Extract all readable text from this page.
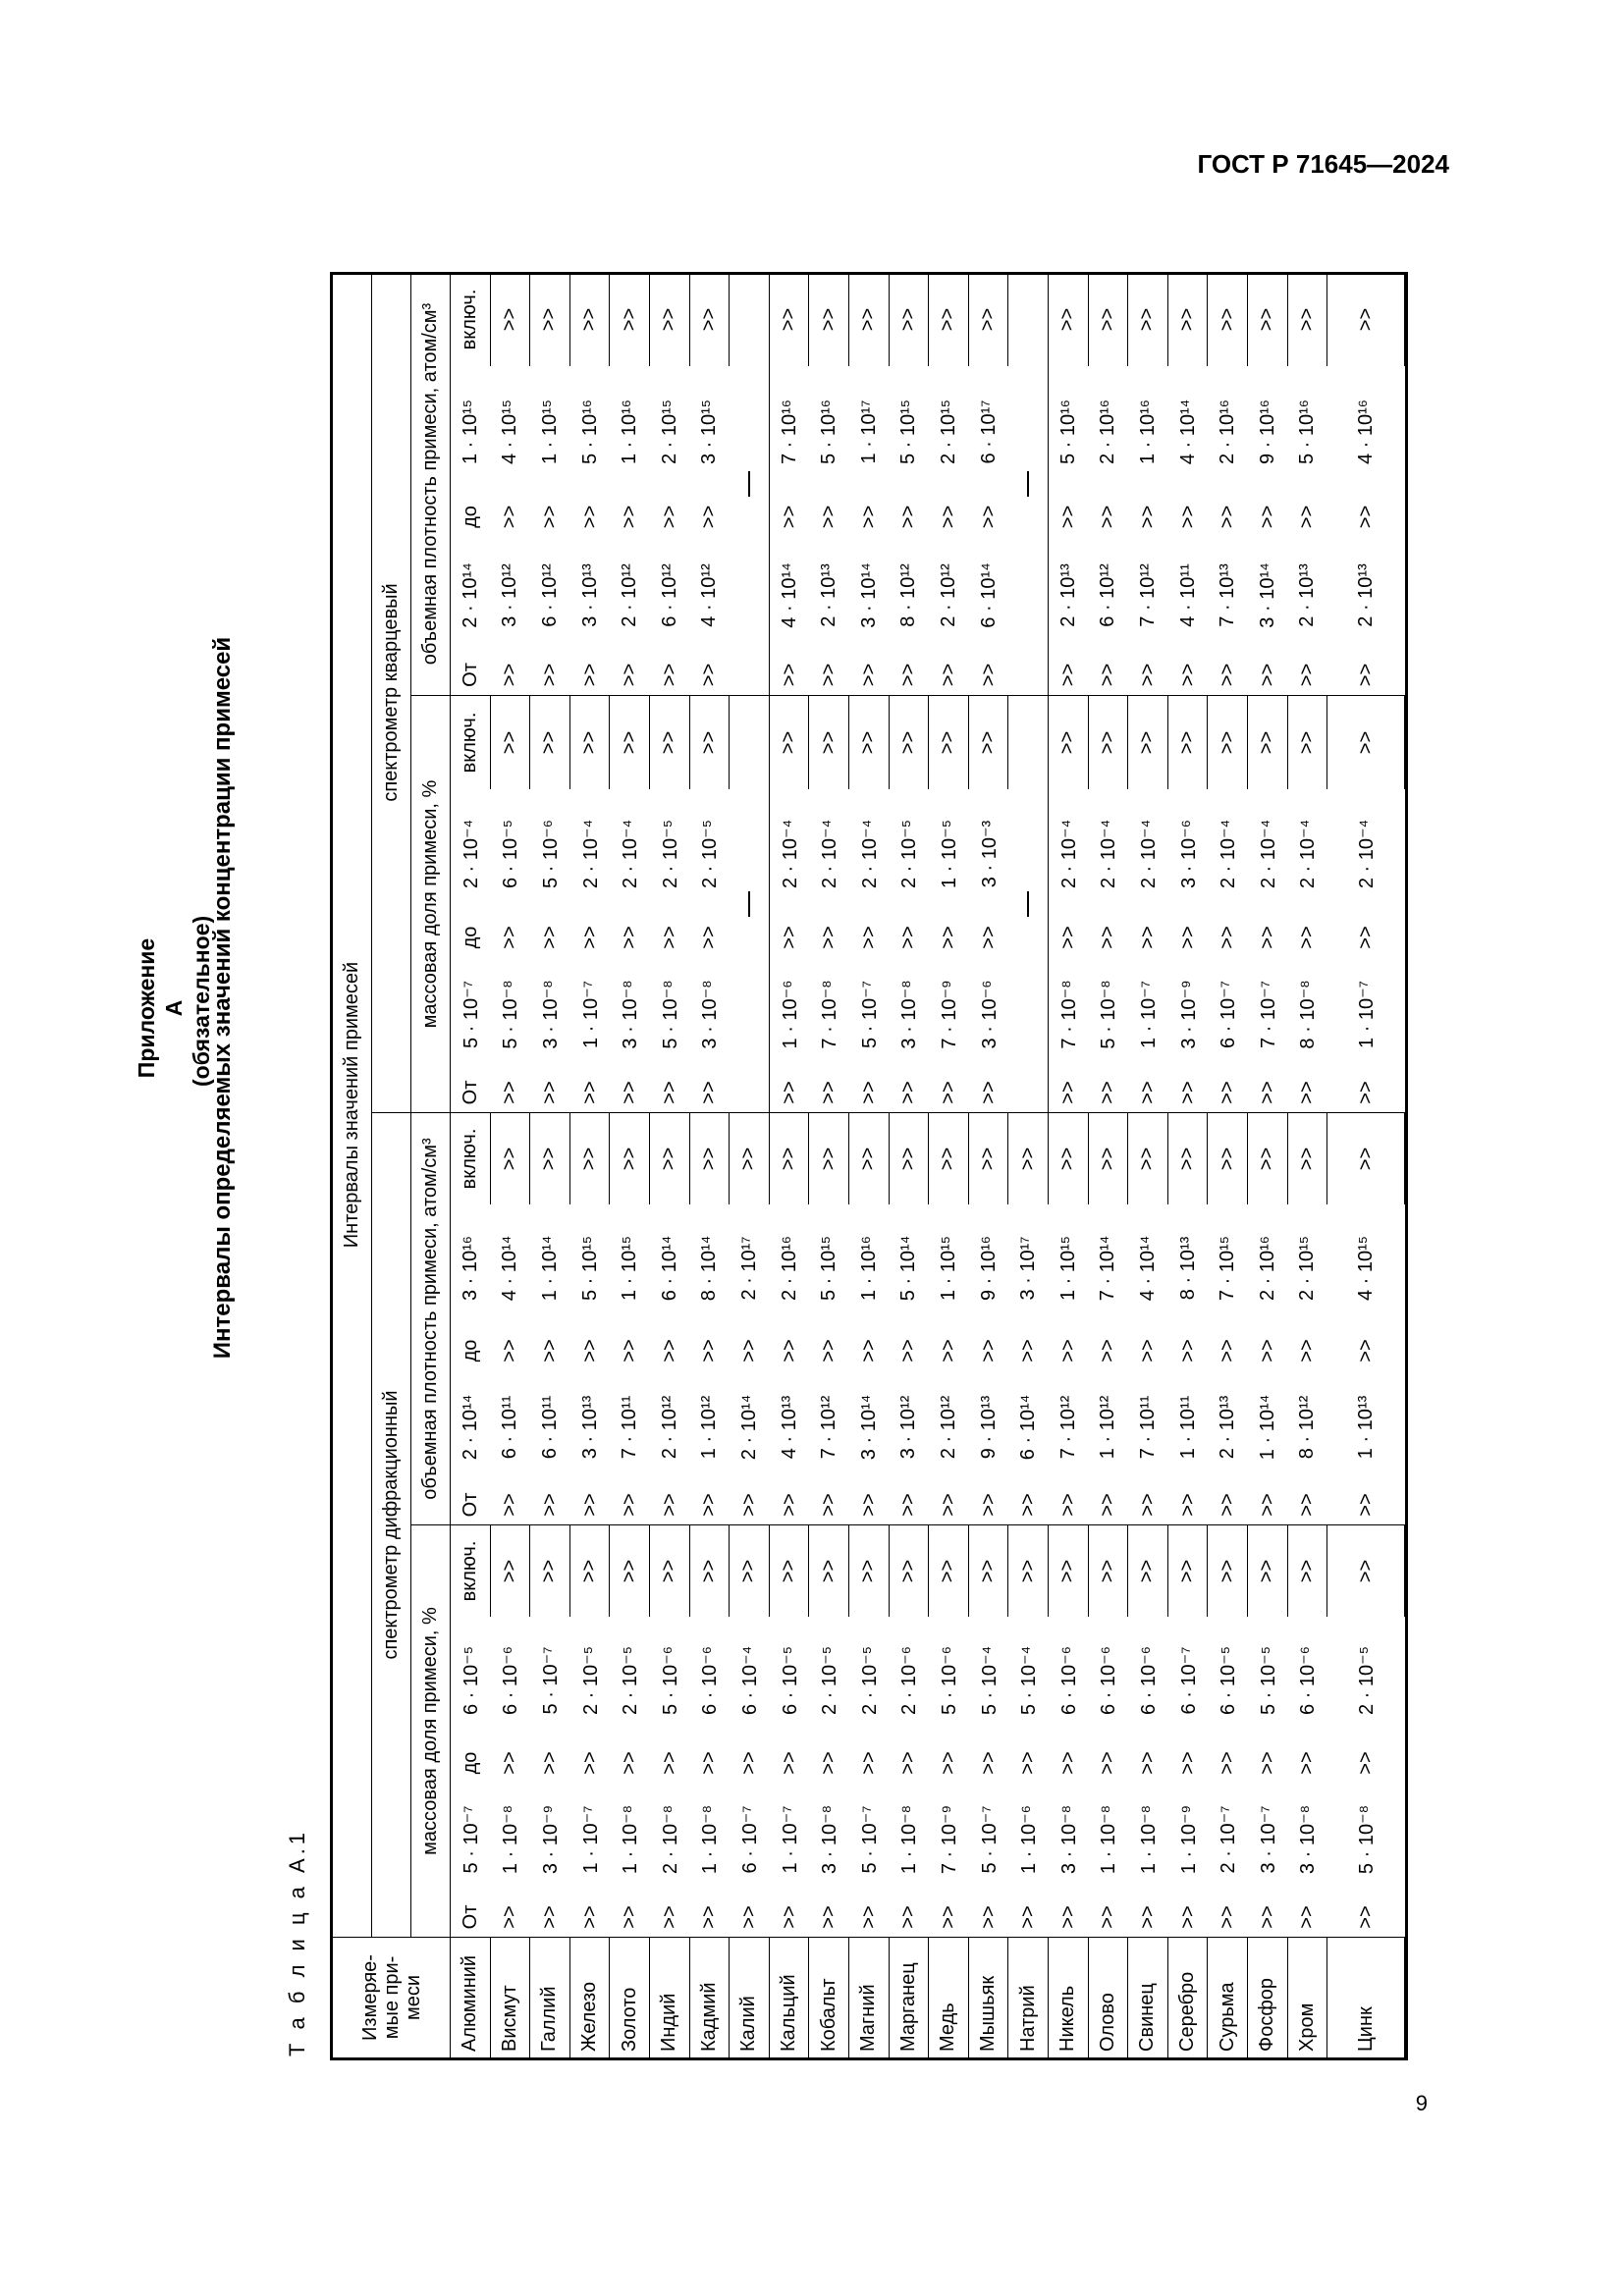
ГОСТ Р 71645—2024
9
Приложение А (обязательное)
Интервалы определяемых значений концентрации примесей
Т а б л и ц а А.1	Измеряе-мые при-меси
Интервалы значений примесей
спектрометр дифракционный
спектрометр кварцевый
массовая доля примеси, %
объемная плотность примеси, атом/см³
массовая доля примеси, %
объемная плотность примеси, атом/см³
Алюминий
От
5 · 10⁻⁷
до
6 · 10⁻⁵
включ.
От
2 · 10¹⁴
до
3 · 10¹⁶
включ.
От
5 · 10⁻⁷
до
2 · 10⁻⁴
включ.
От
2 · 10¹⁴
до
1 · 10¹⁵
включ.
Висмут
>>
1 · 10⁻⁸
>>
6 · 10⁻⁶
>>
>>
6 · 10¹¹
>>
4 · 10¹⁴
>>
>>
5 · 10⁻⁸
>>
6 · 10⁻⁵
>>
>>
3 · 10¹²
>>
4 · 10¹⁵
>>
Галлий
>>
3 · 10⁻⁹
>>
5 · 10⁻⁷
>>
>>
6 · 10¹¹
>>
1 · 10¹⁴
>>
>>
3 · 10⁻⁸
>>
5 · 10⁻⁶
>>
>>
6 · 10¹²
>>
1 · 10¹⁵
>>
Железо
>>
1 · 10⁻⁷
>>
2 · 10⁻⁵
>>
>>
3 · 10¹³
>>
5 · 10¹⁵
>>
>>
1 · 10⁻⁷
>>
2 · 10⁻⁴
>>
>>
3 · 10¹³
>>
5 · 10¹⁶
>>
Золото
>>
1 · 10⁻⁸
>>
2 · 10⁻⁵
>>
>>
7 · 10¹¹
>>
1 · 10¹⁵
>>
>>
3 · 10⁻⁸
>>
2 · 10⁻⁴
>>
>>
2 · 10¹²
>>
1 · 10¹⁶
>>
Индий
>>
2 · 10⁻⁸
>>
5 · 10⁻⁶
>>
>>
2 · 10¹²
>>
6 · 10¹⁴
>>
>>
5 · 10⁻⁸
>>
2 · 10⁻⁵
>>
>>
6 · 10¹²
>>
2 · 10¹⁵
>>
Кадмий
>>
1 · 10⁻⁸
>>
6 · 10⁻⁶
>>
>>
1 · 10¹²
>>
8 · 10¹⁴
>>
>>
3 · 10⁻⁸
>>
2 · 10⁻⁵
>>
>>
4 · 10¹²
>>
3 · 10¹⁵
>>
Калий
>>
6 · 10⁻⁷
>>
6 · 10⁻⁴
>>
>>
2 · 10¹⁴
>>
2 · 10¹⁷
>>
Кальций
>>
1 · 10⁻⁷
>>
6 · 10⁻⁵
>>
>>
4 · 10¹³
>>
2 · 10¹⁶
>>
>>
1 · 10⁻⁶
>>
2 · 10⁻⁴
>>
>>
4 · 10¹⁴
>>
7 · 10¹⁶
>>
Кобальт
>>
3 · 10⁻⁸
>>
2 · 10⁻⁵
>>
>>
7 · 10¹²
>>
5 · 10¹⁵
>>
>>
7 · 10⁻⁸
>>
2 · 10⁻⁴
>>
>>
2 · 10¹³
>>
5 · 10¹⁶
>>
Магний
>>
5 · 10⁻⁷
>>
2 · 10⁻⁵
>>
>>
3 · 10¹⁴
>>
1 · 10¹⁶
>>
>>
5 · 10⁻⁷
>>
2 · 10⁻⁴
>>
>>
3 · 10¹⁴
>>
1 · 10¹⁷
>>
Марганец
>>
1 · 10⁻⁸
>>
2 · 10⁻⁶
>>
>>
3 · 10¹²
>>
5 · 10¹⁴
>>
>>
3 · 10⁻⁸
>>
2 · 10⁻⁵
>>
>>
8 · 10¹²
>>
5 · 10¹⁵
>>
Медь
>>
7 · 10⁻⁹
>>
5 · 10⁻⁶
>>
>>
2 · 10¹²
>>
1 · 10¹⁵
>>
>>
7 · 10⁻⁹
>>
1 · 10⁻⁵
>>
>>
2 · 10¹²
>>
2 · 10¹⁵
>>
Мышьяк
>>
5 · 10⁻⁷
>>
5 · 10⁻⁴
>>
>>
9 · 10¹³
>>
9 · 10¹⁶
>>
>>
3 · 10⁻⁶
>>
3 · 10⁻³
>>
>>
6 · 10¹⁴
>>
6 · 10¹⁷
>>
Натрий
>>
1 · 10⁻⁶
>>
5 · 10⁻⁴
>>
>>
6 · 10¹⁴
>>
3 · 10¹⁷
>>
Никель
>>
3 · 10⁻⁸
>>
6 · 10⁻⁶
>>
>>
7 · 10¹²
>>
1 · 10¹⁵
>>
>>
7 · 10⁻⁸
>>
2 · 10⁻⁴
>>
>>
2 · 10¹³
>>
5 · 10¹⁶
>>
Олово
>>
1 · 10⁻⁸
>>
6 · 10⁻⁶
>>
>>
1 · 10¹²
>>
7 · 10¹⁴
>>
>>
5 · 10⁻⁸
>>
2 · 10⁻⁴
>>
>>
6 · 10¹²
>>
2 · 10¹⁶
>>
Свинец
>>
1 · 10⁻⁸
>>
6 · 10⁻⁶
>>
>>
7 · 10¹¹
>>
4 · 10¹⁴
>>
>>
1 · 10⁻⁷
>>
2 · 10⁻⁴
>>
>>
7 · 10¹²
>>
1 · 10¹⁶
>>
Серебро
>>
1 · 10⁻⁹
>>
6 · 10⁻⁷
>>
>>
1 · 10¹¹
>>
8 · 10¹³
>>
>>
3 · 10⁻⁹
>>
3 · 10⁻⁶
>>
>>
4 · 10¹¹
>>
4 · 10¹⁴
>>
Сурьма
>>
2 · 10⁻⁷
>>
6 · 10⁻⁵
>>
>>
2 · 10¹³
>>
7 · 10¹⁵
>>
>>
6 · 10⁻⁷
>>
2 · 10⁻⁴
>>
>>
7 · 10¹³
>>
2 · 10¹⁶
>>
Фосфор
>>
3 · 10⁻⁷
>>
5 · 10⁻⁵
>>
>>
1 · 10¹⁴
>>
2 · 10¹⁶
>>
>>
7 · 10⁻⁷
>>
2 · 10⁻⁴
>>
>>
3 · 10¹⁴
>>
9 · 10¹⁶
>>
Хром
>>
3 · 10⁻⁸
>>
6 · 10⁻⁶
>>
>>
8 · 10¹²
>>
2 · 10¹⁵
>>
>>
8 · 10⁻⁸
>>
2 · 10⁻⁴
>>
>>
2 · 10¹³
>>
5 · 10¹⁶
>>
Цинк
>>
5 · 10⁻⁸
>>
2 · 10⁻⁵
>>
>>
1 · 10¹³
>>
4 · 10¹⁵
>>
>>
1 · 10⁻⁷
>>
2 · 10⁻⁴
>>
>>
2 · 10¹³
>>
4 · 10¹⁶
>>
